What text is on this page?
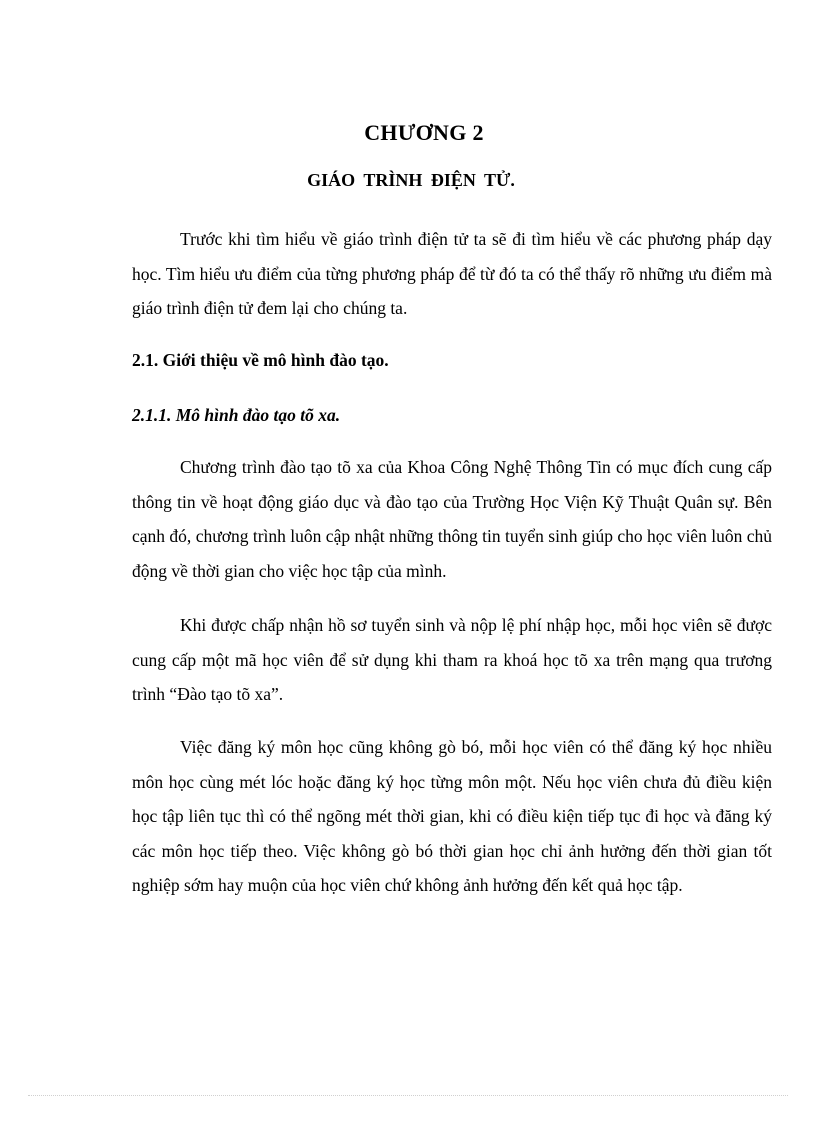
CHƯƠNG 2
GIÁO TRÌNH ĐIỆN TỬ.

Trước khi tìm hiểu về giáo trình điện tử ta sẽ đi tìm hiểu về các phương pháp dạy học. Tìm hiểu ưu điểm của từng phương pháp để từ đó ta có thể thấy rõ những ưu điểm mà giáo trình điện tử đem lại cho chúng ta.

2.1. Giới thiệu về mô hình đào tạo.

2.1.1. Mô hình đào tạo tõ xa.

Chương trình đào tạo tõ xa của Khoa Công Nghệ Thông Tin có mục đích cung cấp thông tin về hoạt động giáo dục và đào tạo của Trường Học Viện Kỹ Thuật Quân sự. Bên cạnh đó, chương trình luôn cập nhật những thông tin tuyển sinh giúp cho học viên luôn chủ động về thời gian cho việc học tập của mình.

Khi được chấp nhận hồ sơ tuyển sinh và nộp lệ phí nhập học, mỗi học viên sẽ được cung cấp một mã học viên để sử dụng khi tham ra khoá học tõ xa trên mạng qua trương trình “Đào tạo tõ xa”.

Việc đăng ký môn học cũng không gò bó, mỗi học viên có thể đăng ký học nhiều môn học cùng mét lóc hoặc đăng ký học từng môn một. Nếu học viên chưa đủ điều kiện học tập liên tục thì có thể ngõng mét thời gian, khi có điều kiện tiếp tục đi học và đăng ký các môn học tiếp theo. Việc không gò bó thời gian học chỉ ảnh hưởng đến thời gian tốt nghiệp sớm hay muộn của học viên chứ không ảnh hưởng đến kết quả học tập.
